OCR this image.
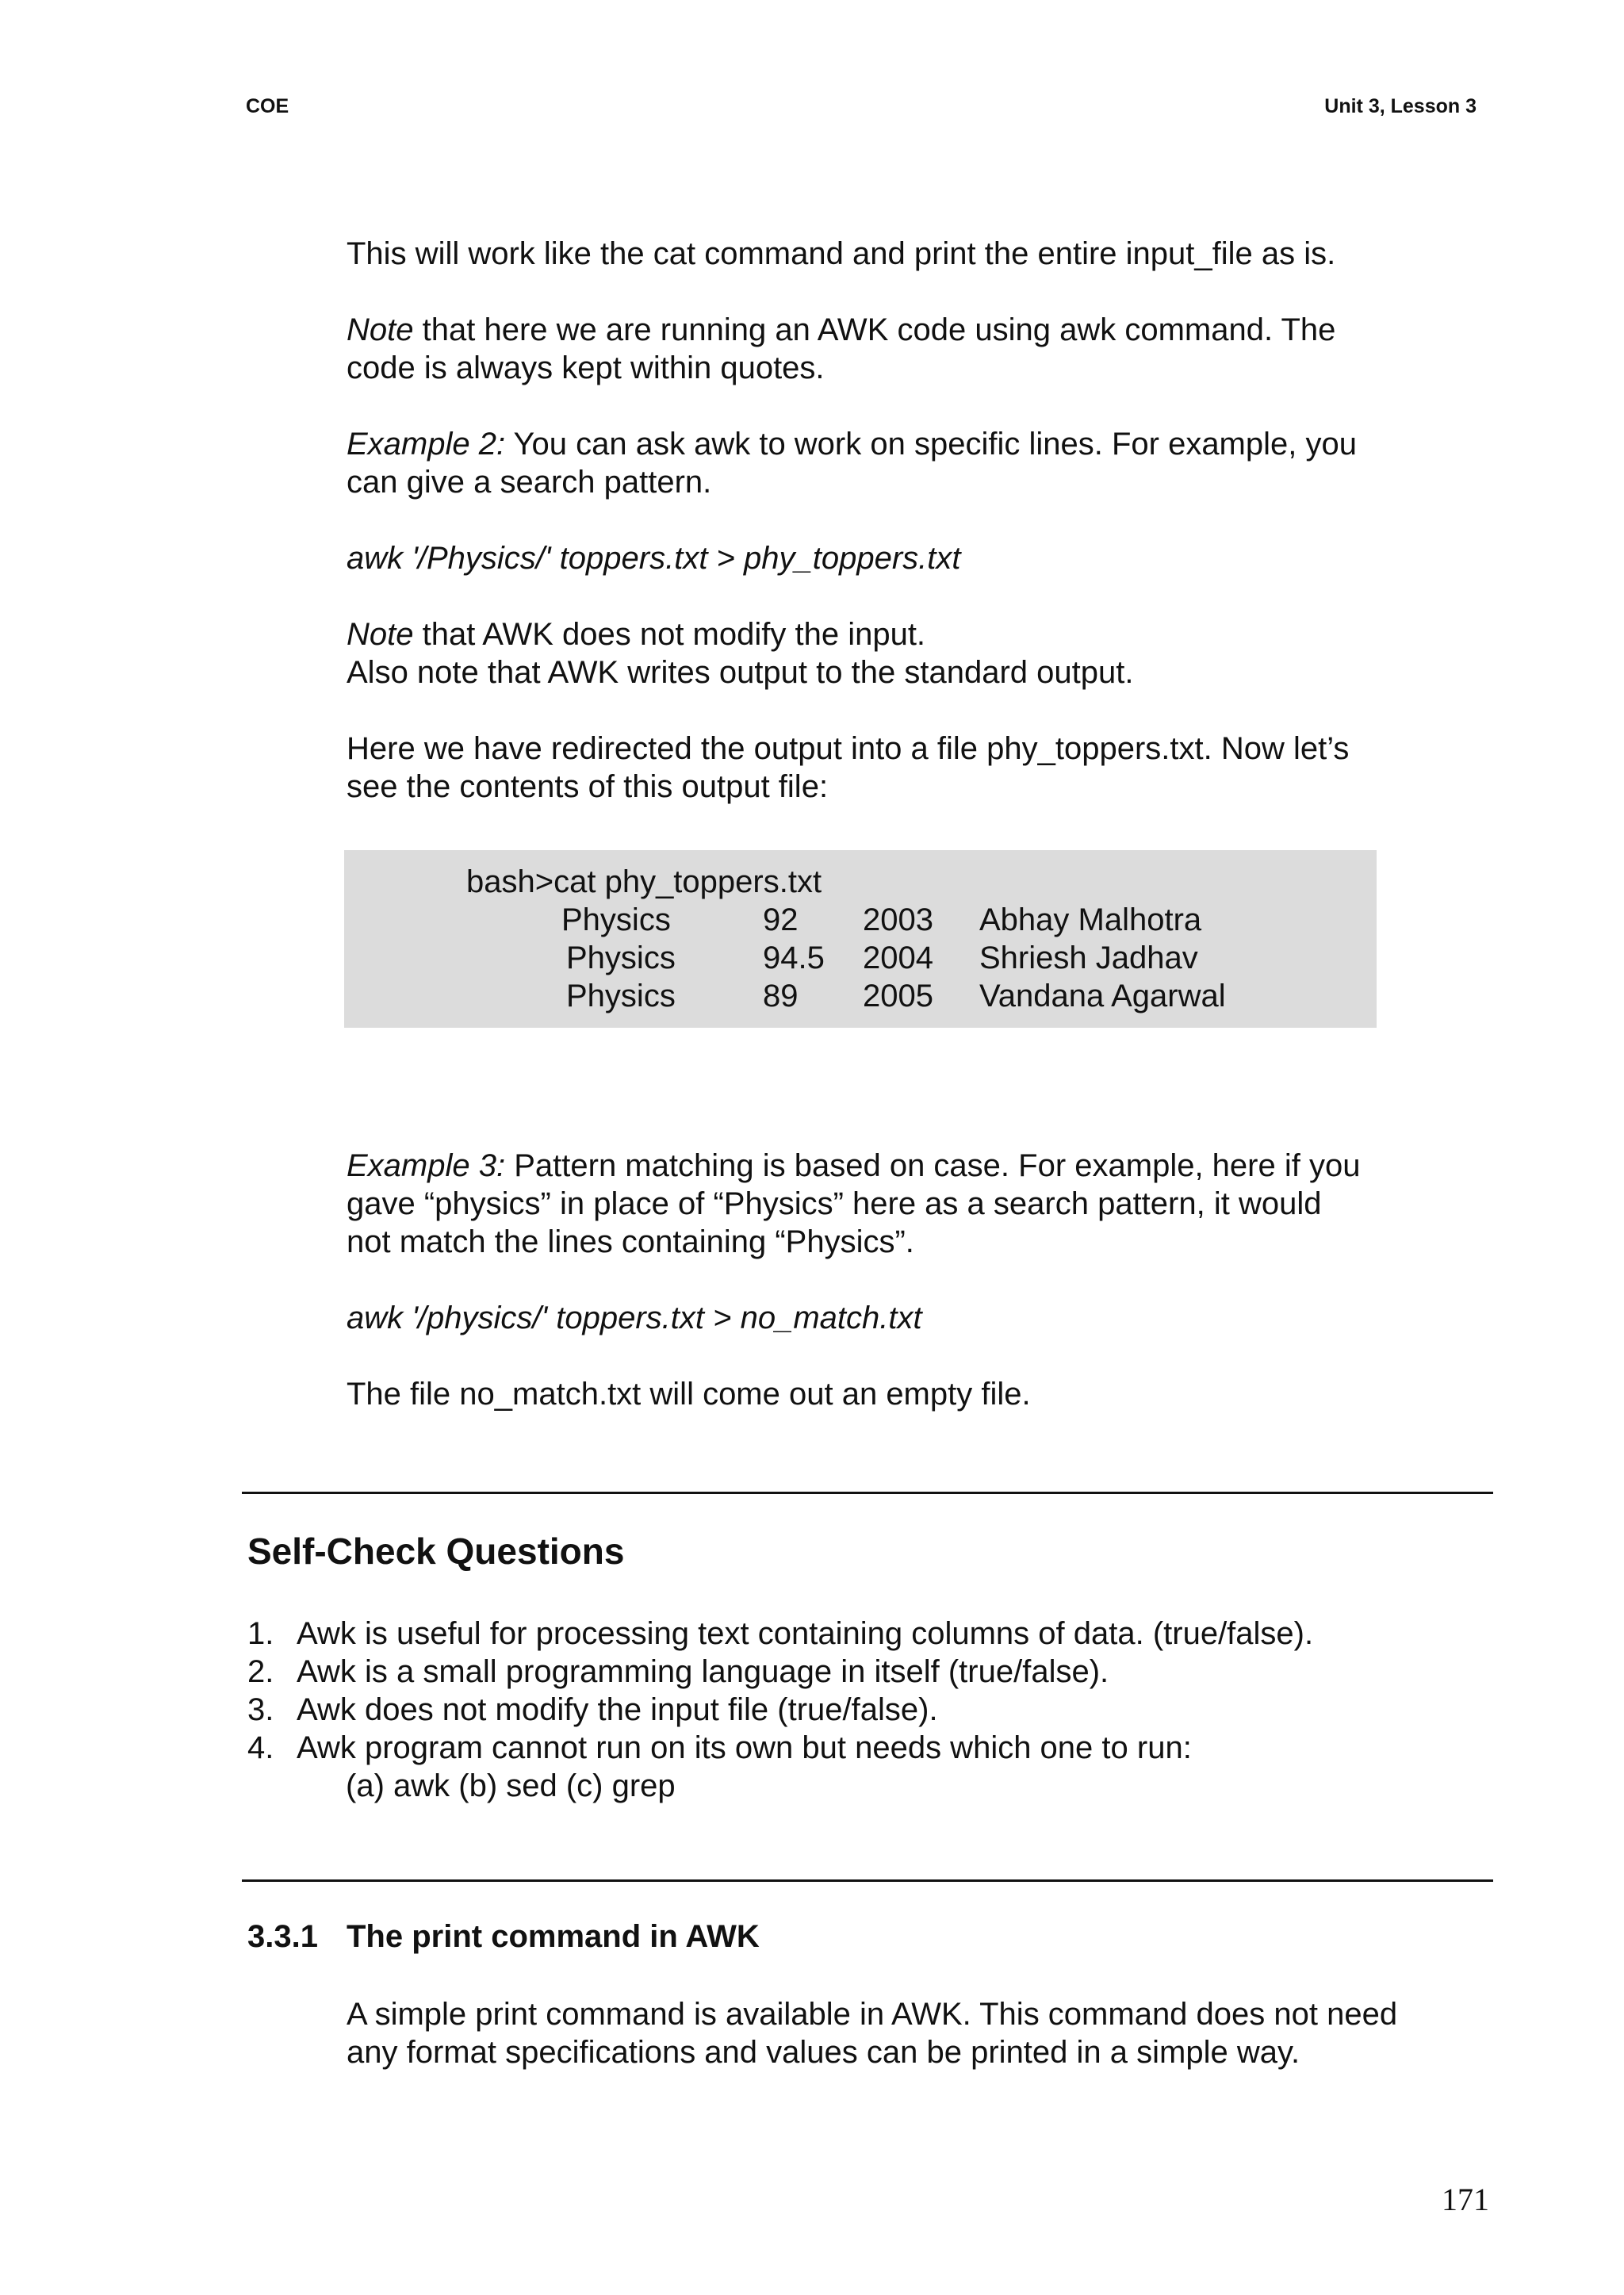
COE	Unit 3, Lesson 3

This will work like the cat command and print the entire input_file as is.

Note that here we are running an AWK code using awk command. The code is always kept within quotes.

Example 2: You can ask awk to work on specific lines. For example, you can give a search pattern.

awk '/Physics/' toppers.txt > phy_toppers.txt

Note that AWK does not modify the input.

Also note that AWK writes output to the standard output.

Here we have redirected the output into a file phy_toppers.txt. Now let’s see the contents of this output file:

bash>cat phy_toppers.txt
Physics	92 2003 Abhay Malhotra
Physics	94.5 2004 Shriesh Jadhav
Physics	89 2005 Vandana Agarwal

Example 3: Pattern matching is based on case. For example, here if you gave “physics” in place of “Physics” here as a search pattern, it would not match the lines containing “Physics”.

awk '/physics/' toppers.txt > no_match.txt
The file no_match.txt will come out an empty file.
Self-Check Questions
1. Awk is useful for processing text containing columns of data. (true/false).
2. Awk is a small programming language in itself (true/false).
3. Awk does not modify the input file (true/false).
4. Awk program cannot run on its own but needs which one to run:
(a) awk (b) sed (c) grep
3.3.1 The print command in AWK
A simple print command is available in AWK. This command does not need any format specifications and values can be printed in a simple way.
171
